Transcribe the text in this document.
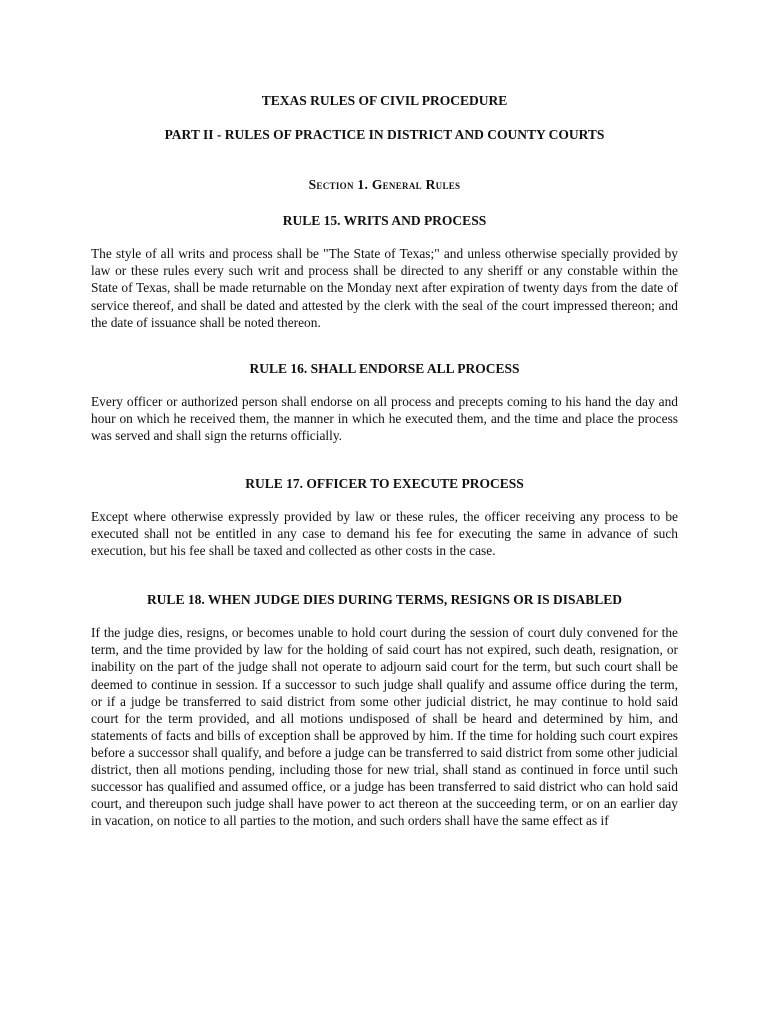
TEXAS RULES OF CIVIL PROCEDURE
PART II - RULES OF PRACTICE IN DISTRICT AND COUNTY COURTS
Section 1. General Rules
RULE 15. WRITS AND PROCESS

The style of all writs and process shall be "The State of Texas;" and unless otherwise specially provided by law or these rules every such writ and process shall be directed to any sheriff or any constable within the State of Texas, shall be made returnable on the Monday next after expiration of twenty days from the date of service thereof, and shall be dated and attested by the clerk with the seal of the court impressed thereon; and the date of issuance shall be noted thereon.

RULE 16. SHALL ENDORSE ALL PROCESS

Every officer or authorized person shall endorse on all process and precepts coming to his hand the day and hour on which he received them, the manner in which he executed them, and the time and place the process was served and shall sign the returns officially.

RULE 17. OFFICER TO EXECUTE PROCESS

Except where otherwise expressly provided by law or these rules, the officer receiving any process to be executed shall not be entitled in any case to demand his fee for executing the same in advance of such execution, but his fee shall be taxed and collected as other costs in the case.

RULE 18. WHEN JUDGE DIES DURING TERMS, RESIGNS OR IS DISABLED

If the judge dies, resigns, or becomes unable to hold court during the session of court duly convened for the term, and the time provided by law for the holding of said court has not expired, such death, resignation, or inability on the part of the judge shall not operate to adjourn said court for the term, but such court shall be deemed to continue in session. If a successor to such judge shall qualify and assume office during the term, or if a judge be transferred to said district from some other judicial district, he may continue to hold said court for the term provided, and all motions undisposed of shall be heard and determined by him, and statements of facts and bills of exception shall be approved by him. If the time for holding such court expires before a successor shall qualify, and before a judge can be transferred to said district from some other judicial district, then all motions pending, including those for new trial, shall stand as continued in force until such successor has qualified and assumed office, or a judge has been transferred to said district who can hold said court, and thereupon such judge shall have power to act thereon at the succeeding term, or on an earlier day in vacation, on notice to all parties to the motion, and such orders shall have the same effect as if
